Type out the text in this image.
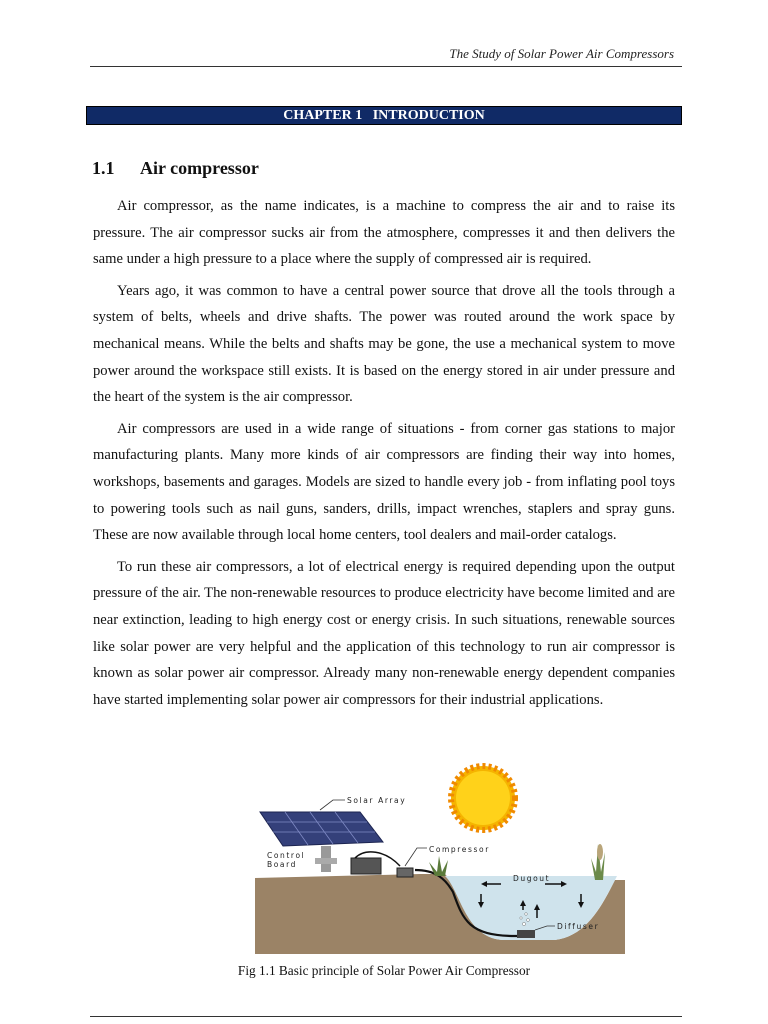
The Study of Solar Power Air Compressors
CHAPTER 1   INTRODUCTION
1.1 Air compressor

Air compressor, as the name indicates, is a machine to compress the air and to raise its pressure. The air compressor sucks air from the atmosphere, compresses it and then delivers the same under a high pressure to a place where the supply of compressed air is required.

Years ago, it was common to have a central power source that drove all the tools through a system of belts, wheels and drive shafts. The power was routed around the work space by mechanical means. While the belts and shafts may be gone, the use a mechanical system to move power around the workspace still exists. It is based on the energy stored in air under pressure and the heart of the system is the air compressor.

Air compressors are used in a wide range of situations - from corner gas stations to major manufacturing plants. Many more kinds of air compressors are finding their way into homes, workshops, basements and garages. Models are sized to handle every job - from inflating pool toys to powering tools such as nail guns, sanders, drills, impact wrenches, staplers and spray guns. These are now available through local home centers, tool dealers and mail-order catalogs.

To run these air compressors, a lot of electrical energy is required depending upon the output pressure of the air. The non-renewable resources to produce electricity have become limited and are near extinction, leading to high energy cost or energy crisis. In such situations, renewable sources like solar power are very helpful and the application of this technology to run air compressor is known as solar power air compressor. Already many non-renewable energy dependent companies have started implementing solar power air compressors for their industrial applications.

Solar Array
Control
Board
Compressor
Dugout
Diffuser
Fig 1.1 Basic principle of Solar Power Air Compressor
